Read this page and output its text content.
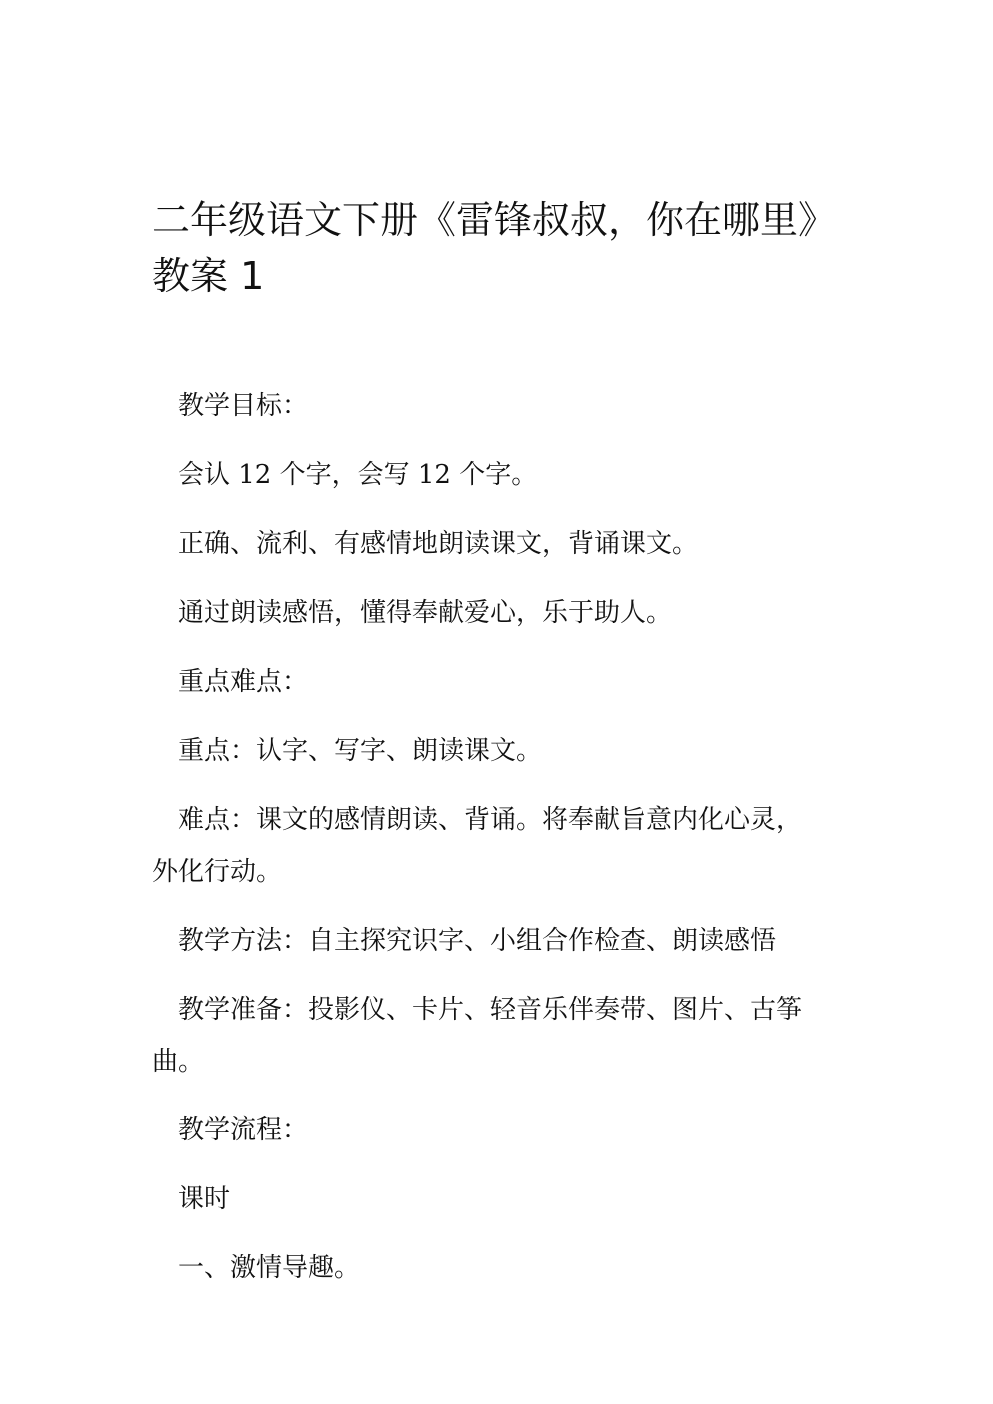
二年级语文下册《雷锋叔叔，你在哪里》
教案 1

教学目标：

会认 12 个字，会写 12 个字。

正确、流利、有感情地朗读课文，背诵课文。

通过朗读感悟，懂得奉献爱心，乐于助人。

重点难点：

重点：认字、写字、朗读课文。

难点：课文的感情朗读、背诵。将奉献旨意内化心灵，
外化行动。

教学方法：自主探究识字、小组合作检查、朗读感悟

教学准备：投影仪、卡片、轻音乐伴奏带、图片、古筝
曲。

教学流程：

课时

一、激情导趣。
